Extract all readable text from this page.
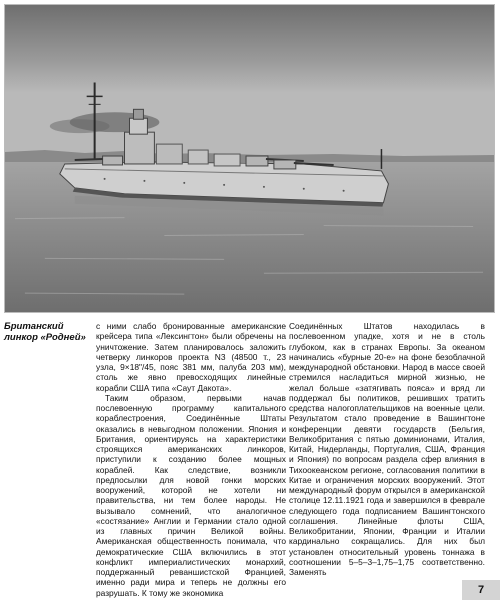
Британский линкор «Родней»

с ними слабо бронированные американские крейсера типа «Лексингтон» были обречены на уничтожение. Затем планировалось заложить четверку линкоров проекта N3 (48500 т., 23 узла, 9×18"/45, пояс 381 мм, палуба 203 мм), столь же явно превосходящих линейные корабли США типа «Саут Дакота».

Таким образом, первыми начав послевоенную программу капитального кораблестроения, Соединённые Штаты оказались в невыгодном положении. Япония и Британия, ориентируясь на характеристики строящихся американских линкоров, приступили к созданию более мощных кораблей. Как следствие, возникли предпосылки для новой гонки морских вооружений, которой не хотели ни правительства, ни тем более народы. Не вызывало сомнений, что аналогичное «состязание» Англии и Германии стало одной из главных причин Великой войны. Американская общественность понимала, что демократические США включились в этот конфликт империалистических монархий, поддержанный реваншистской Францией, именно ради мира и теперь не должны его разрушать. К тому же экономика

Соединённых Штатов находилась в послевоенном упадке, хотя и не в столь глубоком, как в странах Европы. За океаном начинались «бурные 20-е» на фоне безоблачной международной обстановки. Народ в массе своей стремился насладиться мирной жизнью, не желал больше «затягивать пояса» и вряд ли поддержал бы политиков, решивших тратить средства налогоплательщиков на военные цели. Результатом стало проведение в Вашингтоне конференции девяти государств (Бельгия, Великобритания с пятью доминионами, Италия, Китай, Нидерланды, Португалия, США, Франция и Япония) по вопросам раздела сфер влияния в Тихоокеанском регионе, согласования политики в Китае и ограничения морских вооружений. Этот международный форум открылся в американской столице 12.11.1921 года и завершился в феврале следующего года подписанием Вашингтонского соглашения. Линейные флоты США, Великобритании, Японии, Франции и Италии кардинально сокращались. Для них был установлен относительный уровень тоннажа в соотношении 5–5–3–1,75–1,75 соответственно. Заменять

7
